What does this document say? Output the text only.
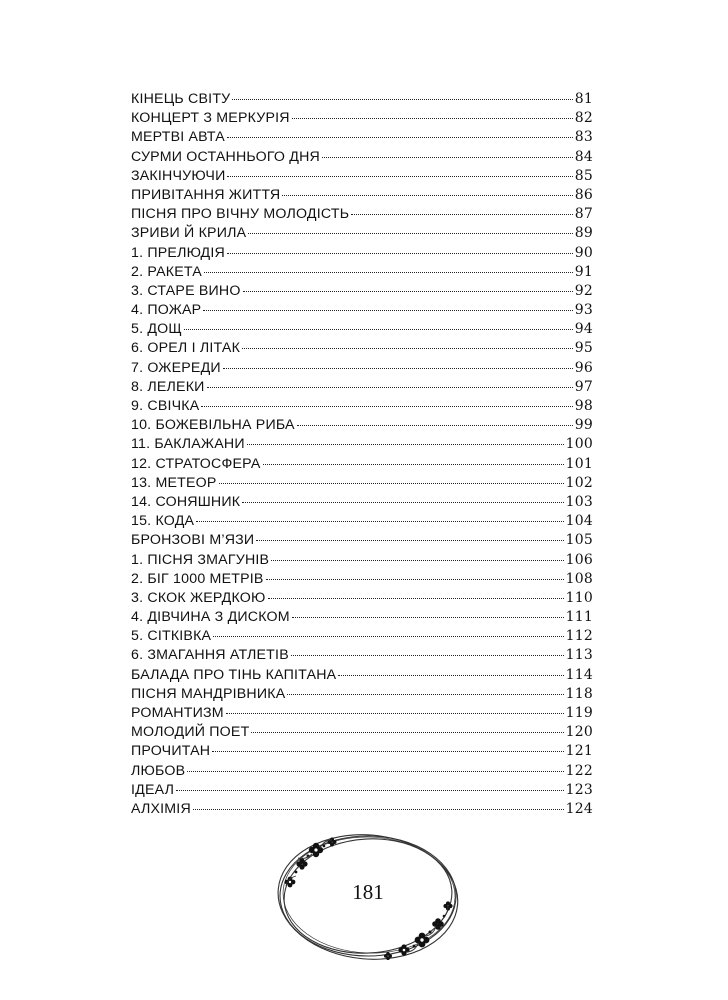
КІНЕЦЬ СВІТУ	81
КОНЦЕРТ З МЕРКУРІЯ	82
МЕРТВІ АВТА	83
СУРМИ ОСТАННЬОГО ДНЯ	84
ЗАКІНЧУЮЧИ	85
ПРИВІТАННЯ ЖИТТЯ	86
ПІСНЯ ПРО ВІЧНУ МОЛОДІСТЬ	87
ЗРИВИ Й КРИЛА	89
1. ПРЕЛЮДІЯ	90
2. РАКЕТА	91
3. СТАРЕ ВИНО	92
4. ПОЖАР	93
5. ДОЩ	94
6. ОРЕЛ І ЛІТАК	95
7. ОЖЕРЕДИ	96
8. ЛЕЛЕКИ	97
9. СВІЧКА	98
10. БОЖЕВІЛЬНА РИБА	99
11. БАКЛАЖАНИ	100
12. СТРАТОСФЕРА	101
13. МЕТЕОР	102
14. СОНЯШНИК	103
15. КОДА	104
БРОНЗОВІ М’ЯЗИ	105
1. ПІСНЯ ЗМАГУНІВ	106
2. БІГ 1000 МЕТРІВ	108
3. СКОК ЖЕРДКОЮ	110
4. ДІВЧИНА З ДИСКОМ	111
5. СІТКІВКА	112
6. ЗМАГАННЯ АТЛЕТІВ	113
БАЛАДА ПРО ТІНЬ КАПІТАНА	114
ПІСНЯ МАНДРІВНИКА	118
РОМАНТИЗМ	119
МОЛОДИЙ ПОЕТ	120
ПРОЧИТАН	121
ЛЮБОВ	122
ІДЕАЛ	123
АЛХІМІЯ	124
181
